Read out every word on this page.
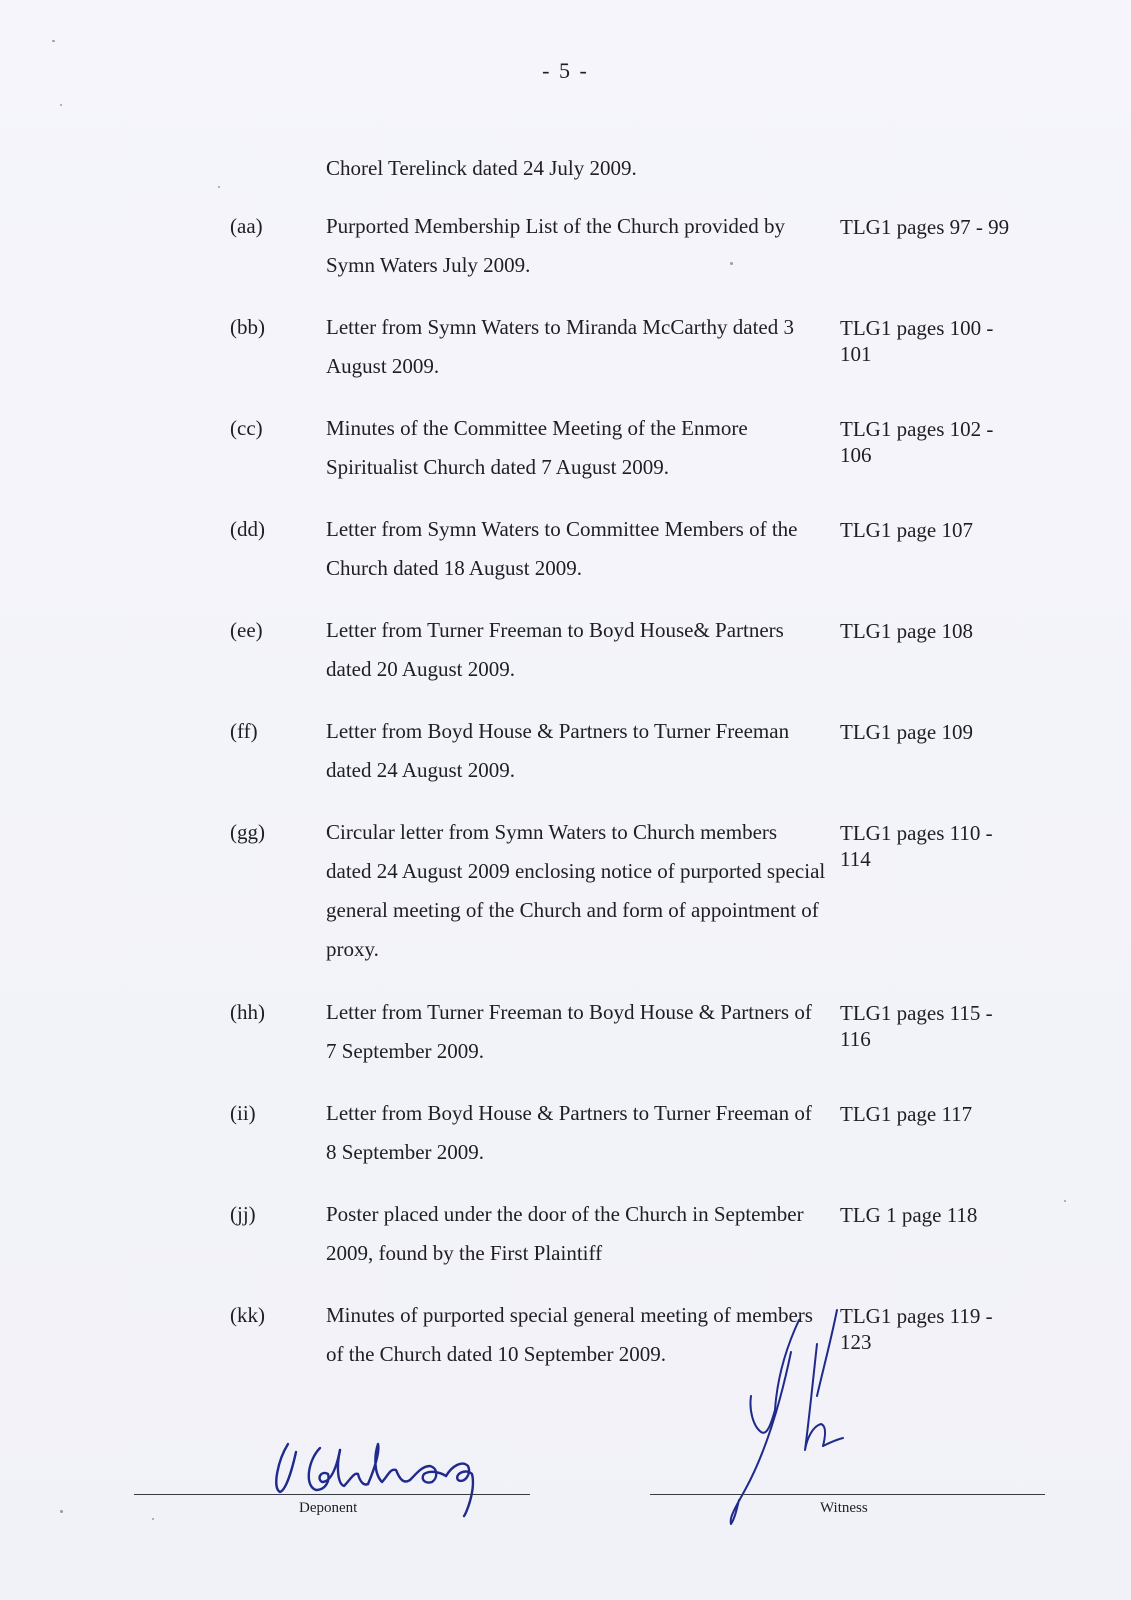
- 5 -
Chorel Terelinck dated 24 July 2009.
(aa)	Purported Membership List of the Church provided by Symn Waters July 2009.
TLG1 pages 97 - 99
(bb)	Letter from Symn Waters to Miranda McCarthy dated 3 August 2009.
TLG1 pages 100 - 101
(cc)	Minutes of the Committee Meeting of the Enmore Spiritualist Church dated 7 August 2009.
TLG1 pages 102 - 106
(dd)	Letter from Symn Waters to Committee Members of the Church dated 18 August 2009.
TLG1 page 107
(ee)	Letter from Turner Freeman to Boyd House& Partners dated 20 August 2009.
TLG1 page 108
(ff)	Letter from Boyd House & Partners to Turner Freeman dated 24 August 2009.
TLG1 page 109
(gg)	Circular letter from Symn Waters to Church members dated 24 August 2009 enclosing notice of purported special general meeting of the Church and form of appointment of proxy.
TLG1 pages 110 - 114
(hh)	Letter from Turner Freeman to Boyd House & Partners of 7 September 2009.
TLG1 pages 115 - 116
(ii)	Letter from Boyd House & Partners to Turner Freeman of 8 September 2009.
TLG1 page 117
(jj)	Poster placed under the door of the Church in September 2009, found by the First Plaintiff
TLG 1 page 118
(kk)	Minutes of purported special general meeting of members of the Church dated 10 September 2009.
TLG1 pages 119 - 123
Deponent	Witness
